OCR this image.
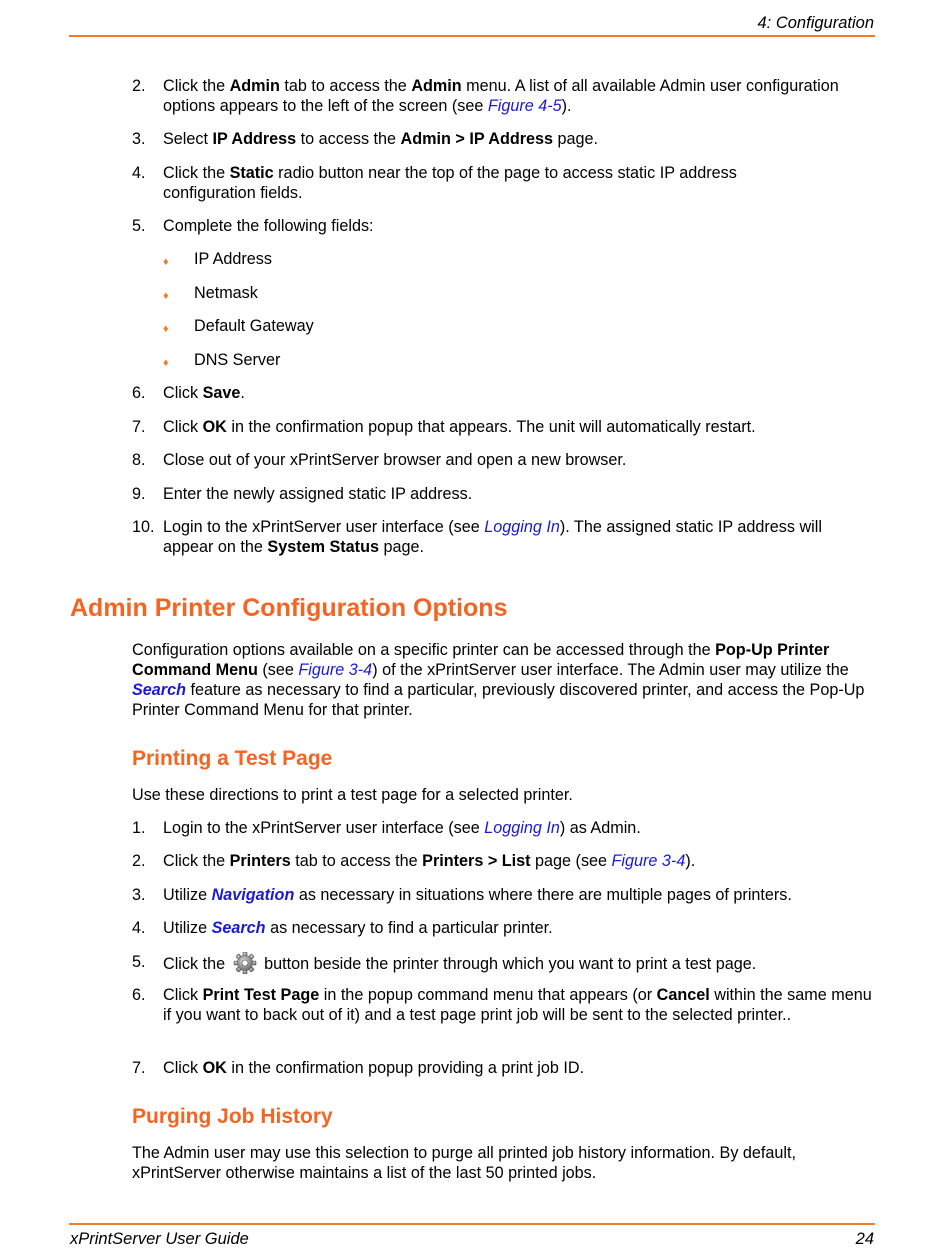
4: Configuration
2. Click the Admin tab to access the Admin menu. A list of all available Admin user configuration options appears to the left of the screen (see Figure 4-5).
3. Select IP Address to access the Admin > IP Address page.
4. Click the Static radio button near the top of the page to access static IP address configuration fields.
5. Complete the following fields:
♦ IP Address
♦ Netmask
♦ Default Gateway
♦ DNS Server
6. Click Save.
7. Click OK in the confirmation popup that appears. The unit will automatically restart.
8. Close out of your xPrintServer browser and open a new browser.
9. Enter the newly assigned static IP address.
10. Login to the xPrintServer user interface (see Logging In). The assigned static IP address will appear on the System Status page.
Admin Printer Configuration Options
Configuration options available on a specific printer can be accessed through the Pop-Up Printer Command Menu (see Figure 3-4) of the xPrintServer user interface. The Admin user may utilize the Search feature as necessary to find a particular, previously discovered printer, and access the Pop-Up Printer Command Menu for that printer.
Printing a Test Page
Use these directions to print a test page for a selected printer.
1. Login to the xPrintServer user interface (see Logging In) as Admin.
2. Click the Printers tab to access the Printers > List page (see Figure 3-4).
3. Utilize Navigation as necessary in situations where there are multiple pages of printers.
4. Utilize Search as necessary to find a particular printer.
5. Click the  button beside the printer through which you want to print a test page.
6. Click Print Test Page in the popup command menu that appears (or Cancel within the same menu if you want to back out of it) and a test page print job will be sent to the selected printer..
7. Click OK in the confirmation popup providing a print job ID.
Purging Job History
The Admin user may use this selection to purge all printed job history information. By default, xPrintServer otherwise maintains a list of the last 50 printed jobs.
xPrintServer User Guide	24
